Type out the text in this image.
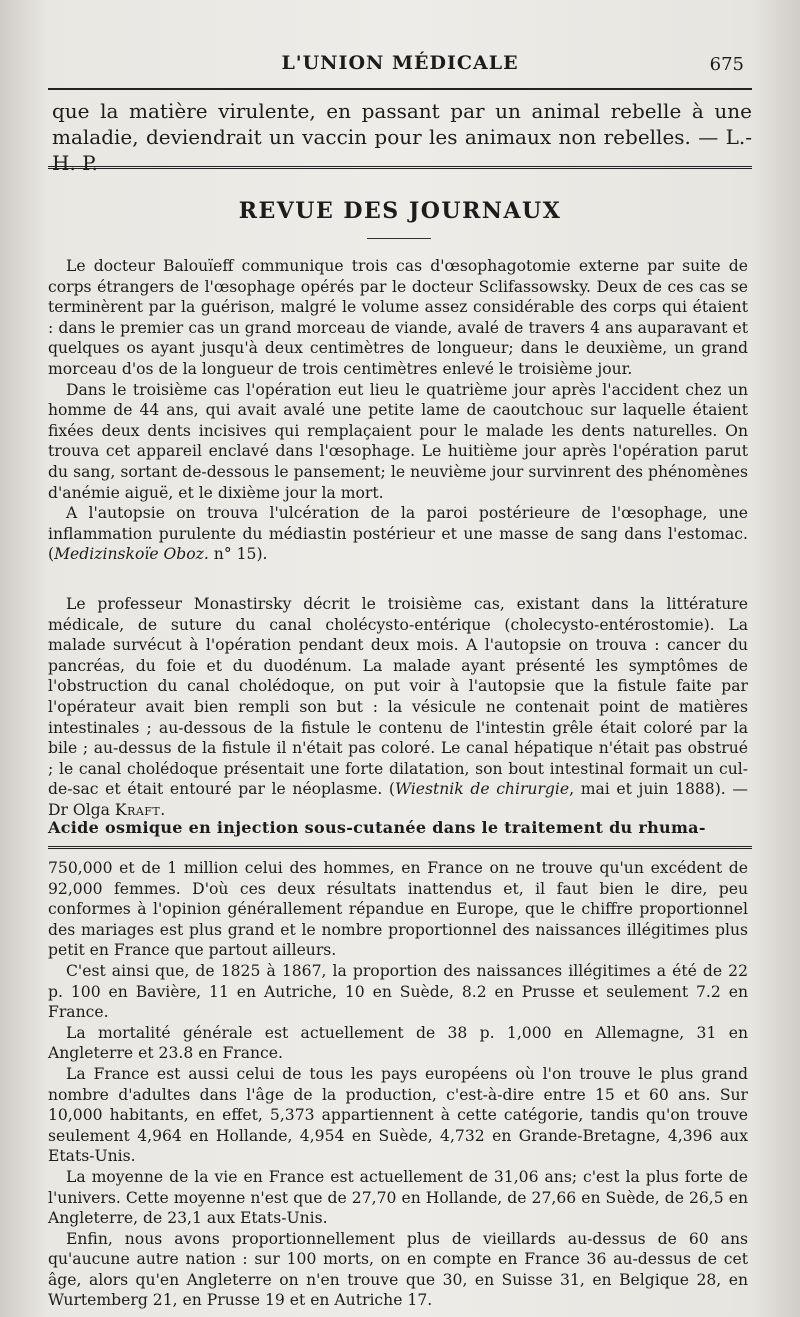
L'UNION MÉDICALE	675

que la matière virulente, en passant par un animal rebelle à une maladie, deviendrait un vaccin pour les animaux non rebelles. — L.-H. P.

REVUE DES JOURNAUX

Le docteur Balouïeff communique trois cas d'œsophagotomie externe par suite de corps étrangers de l'œsophage opérés par le docteur Sclifassowsky. Deux de ces cas se terminèrent par la guérison, malgré le volume assez considérable des corps qui étaient : dans le premier cas un grand morceau de viande, avalé de travers 4 ans auparavant et quelques os ayant jusqu'à deux centimètres de longueur; dans le deuxième, un grand morceau d'os de la longueur de trois centimètres enlevé le troisième jour.

Dans le troisième cas l'opération eut lieu le quatrième jour après l'accident chez un homme de 44 ans, qui avait avalé une petite lame de caoutchouc sur laquelle étaient fixées deux dents incisives qui remplaçaient pour le malade les dents naturelles. On trouva cet appareil enclavé dans l'œsophage. Le huitième jour après l'opération parut du sang, sortant de-dessous le pansement; le neuvième jour survinrent des phénomènes d'anémie aiguë, et le dixième jour la mort.

A l'autopsie on trouva l'ulcération de la paroi postérieure de l'œsophage, une inflammation purulente du médiastin postérieur et une masse de sang dans l'estomac. (Medizinskoïe Oboz. n° 15).

Le professeur Monastirsky décrit le troisième cas, existant dans la littérature médicale, de suture du canal cholécysto-entérique (cholecysto-entérostomie). La malade survécut à l'opération pendant deux mois. A l'autopsie on trouva : cancer du pancréas, du foie et du duodénum. La malade ayant présenté les symptômes de l'obstruction du canal cholédoque, on put voir à l'autopsie que la fistule faite par l'opérateur avait bien rempli son but : la vésicule ne contenait point de matières intestinales ; au-dessous de la fistule le contenu de l'intestin grêle était coloré par la bile ; au-dessus de la fistule il n'était pas coloré. Le canal hépatique n'était pas obstrué ; le canal cholédoque présentait une forte dilatation, son bout intestinal formait un cul-de-sac et était entouré par le néoplasme. (Wiestnik de chirurgie, mai et juin 1888). — Dr Olga Kraft.

Acide osmique en injection sous-cutanée dans le traitement du rhuma-

750,000 et de 1 million celui des hommes, en France on ne trouve qu'un excédent de 92,000 femmes. D'où ces deux résultats inattendus et, il faut bien le dire, peu conformes à l'opinion générallement répandue en Europe, que le chiffre proportionnel des mariages est plus grand et le nombre proportionnel des naissances illégitimes plus petit en France que partout ailleurs.

C'est ainsi que, de 1825 à 1867, la proportion des naissances illégitimes a été de 22 p. 100 en Bavière, 11 en Autriche, 10 en Suède, 8.2 en Prusse et seulement 7.2 en France.

La mortalité générale est actuellement de 38 p. 1,000 en Allemagne, 31 en Angleterre et 23.8 en France.

La France est aussi celui de tous les pays européens où l'on trouve le plus grand nombre d'adultes dans l'âge de la production, c'est-à-dire entre 15 et 60 ans. Sur 10,000 habitants, en effet, 5,373 appartiennent à cette catégorie, tandis qu'on trouve seulement 4,964 en Hollande, 4,954 en Suède, 4,732 en Grande-Bretagne, 4,396 aux Etats-Unis.

La moyenne de la vie en France est actuellement de 31,06 ans; c'est la plus forte de l'univers. Cette moyenne n'est que de 27,70 en Hollande, de 27,66 en Suède, de 26,5 en Angleterre, de 23,1 aux Etats-Unis.

Enfin, nous avons proportionnellement plus de vieillards au-dessus de 60 ans qu'aucune autre nation : sur 100 morts, on en compte en France 36 au-dessus de cet âge, alors qu'en Angleterre on n'en trouve que 30, en Suisse 31, en Belgique 28, en Wurtemberg 21, en Prusse 19 et en Autriche 17.
